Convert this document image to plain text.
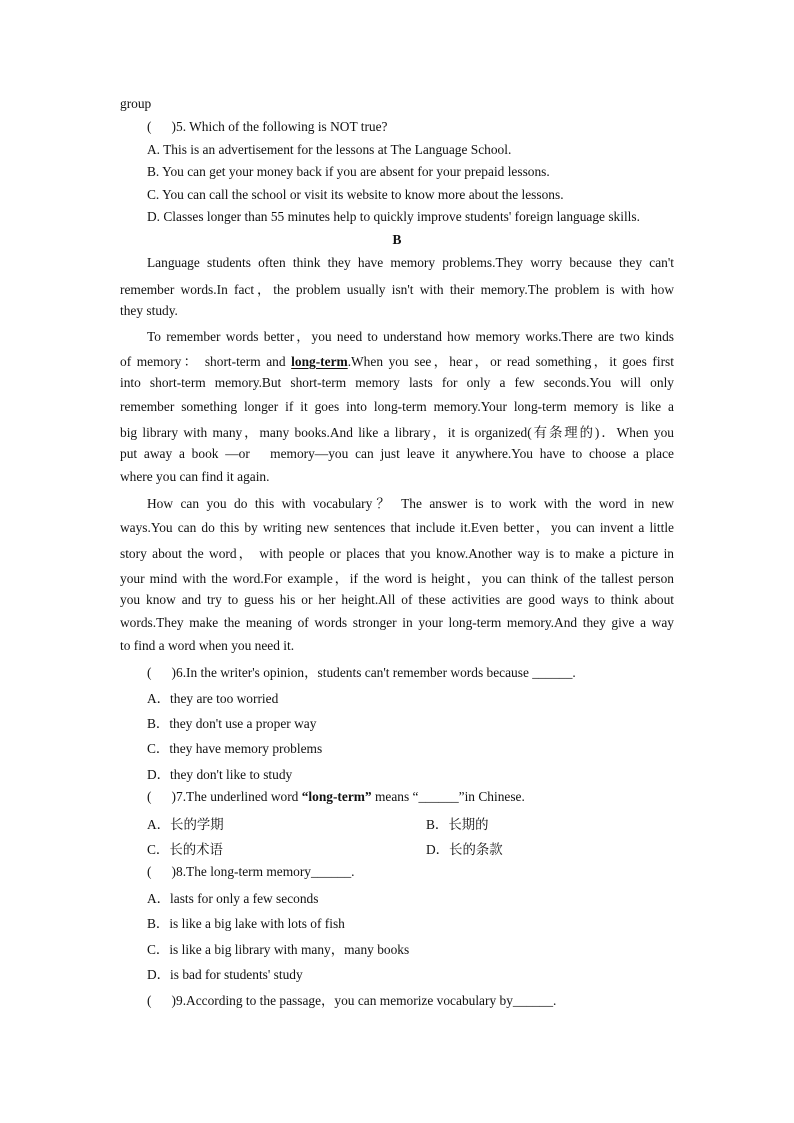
group
(      )5. Which of the following is NOT true?
A. This is an advertisement for the lessons at The Language School.
B. You can get your money back if you are absent for your prepaid lessons.
C. You can call the school or visit its website to know more about the lessons.
D. Classes longer than 55 minutes help to quickly improve students' foreign language skills.
B
Language students often think they have memory problems.They worry because they can't
remember words.In fact，the problem usually isn't with their memory.The problem is with how
they study.
To remember words better，you need to understand how memory works.There are two kinds
of memory： short-term and long-term.When you see，hear，or read something，it goes first
into short-term memory.But short-term memory lasts for only a few seconds.You will only
remember something longer if it goes into long-term memory.Your long-term memory is like a
big library with many，many books.And like a library，it is organized(有条理的)．When you
put away a book —or   memory—you can just leave it anywhere.You have to choose a place
where you can find it again.
How can you do this with vocabulary？ The answer is to work with the word in new
ways.You can do this by writing new sentences that include it.Even better，you can invent a little
story about the word， with people or places that you know.Another way is to make a picture in
your mind with the word.For example，if the word is height，you can think of the tallest person
you know and try to guess his or her height.All of these activities are good ways to think about
words.They make the meaning of words stronger in your long-term memory.And they give a way
to find a word when you need it.
(      )6.In the writer's opinion，students can't remember words because ______.
A．they are too worried
B．they don't use a proper way
C．they have memory problems
D．they don't like to study
(      )7.The underlined word “long-term” means “______”in Chinese.
A．长的学期	B．长期的
C．长的术语	D．长的条款
(      )8.The long-term memory______.
A．lasts for only a few seconds
B．is like a big lake with lots of fish
C．is like a big library with many，many books
D．is bad for students' study
(      )9.According to the passage，you can memorize vocabulary by______.
